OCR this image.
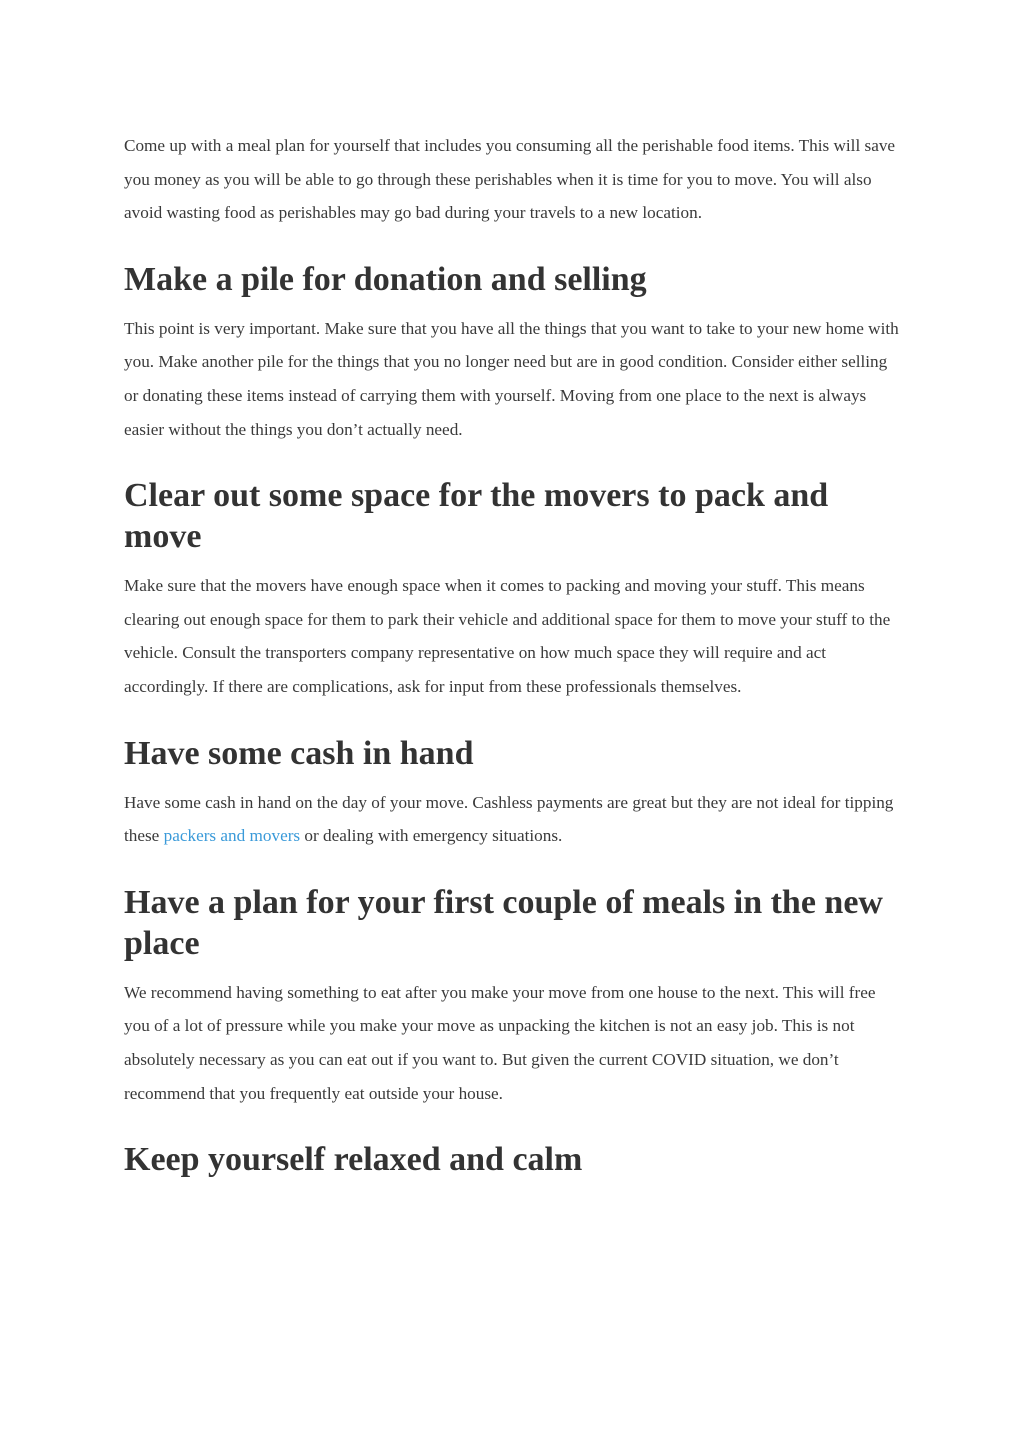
Come up with a meal plan for yourself that includes you consuming all the perishable food items. This will save you money as you will be able to go through these perishables when it is time for you to move. You will also avoid wasting food as perishables may go bad during your travels to a new location.

Make a pile for donation and selling

This point is very important. Make sure that you have all the things that you want to take to your new home with you. Make another pile for the things that you no longer need but are in good condition. Consider either selling or donating these items instead of carrying them with yourself. Moving from one place to the next is always easier without the things you don’t actually need.

Clear out some space for the movers to pack and move

Make sure that the movers have enough space when it comes to packing and moving your stuff. This means clearing out enough space for them to park their vehicle and additional space for them to move your stuff to the vehicle. Consult the transporters company representative on how much space they will require and act accordingly. If there are complications, ask for input from these professionals themselves.

Have some cash in hand

Have some cash in hand on the day of your move. Cashless payments are great but they are not ideal for tipping these packers and movers or dealing with emergency situations.

Have a plan for your first couple of meals in the new place

We recommend having something to eat after you make your move from one house to the next. This will free you of a lot of pressure while you make your move as unpacking the kitchen is not an easy job. This is not absolutely necessary as you can eat out if you want to. But given the current COVID situation, we don’t recommend that you frequently eat outside your house.

Keep yourself relaxed and calm
